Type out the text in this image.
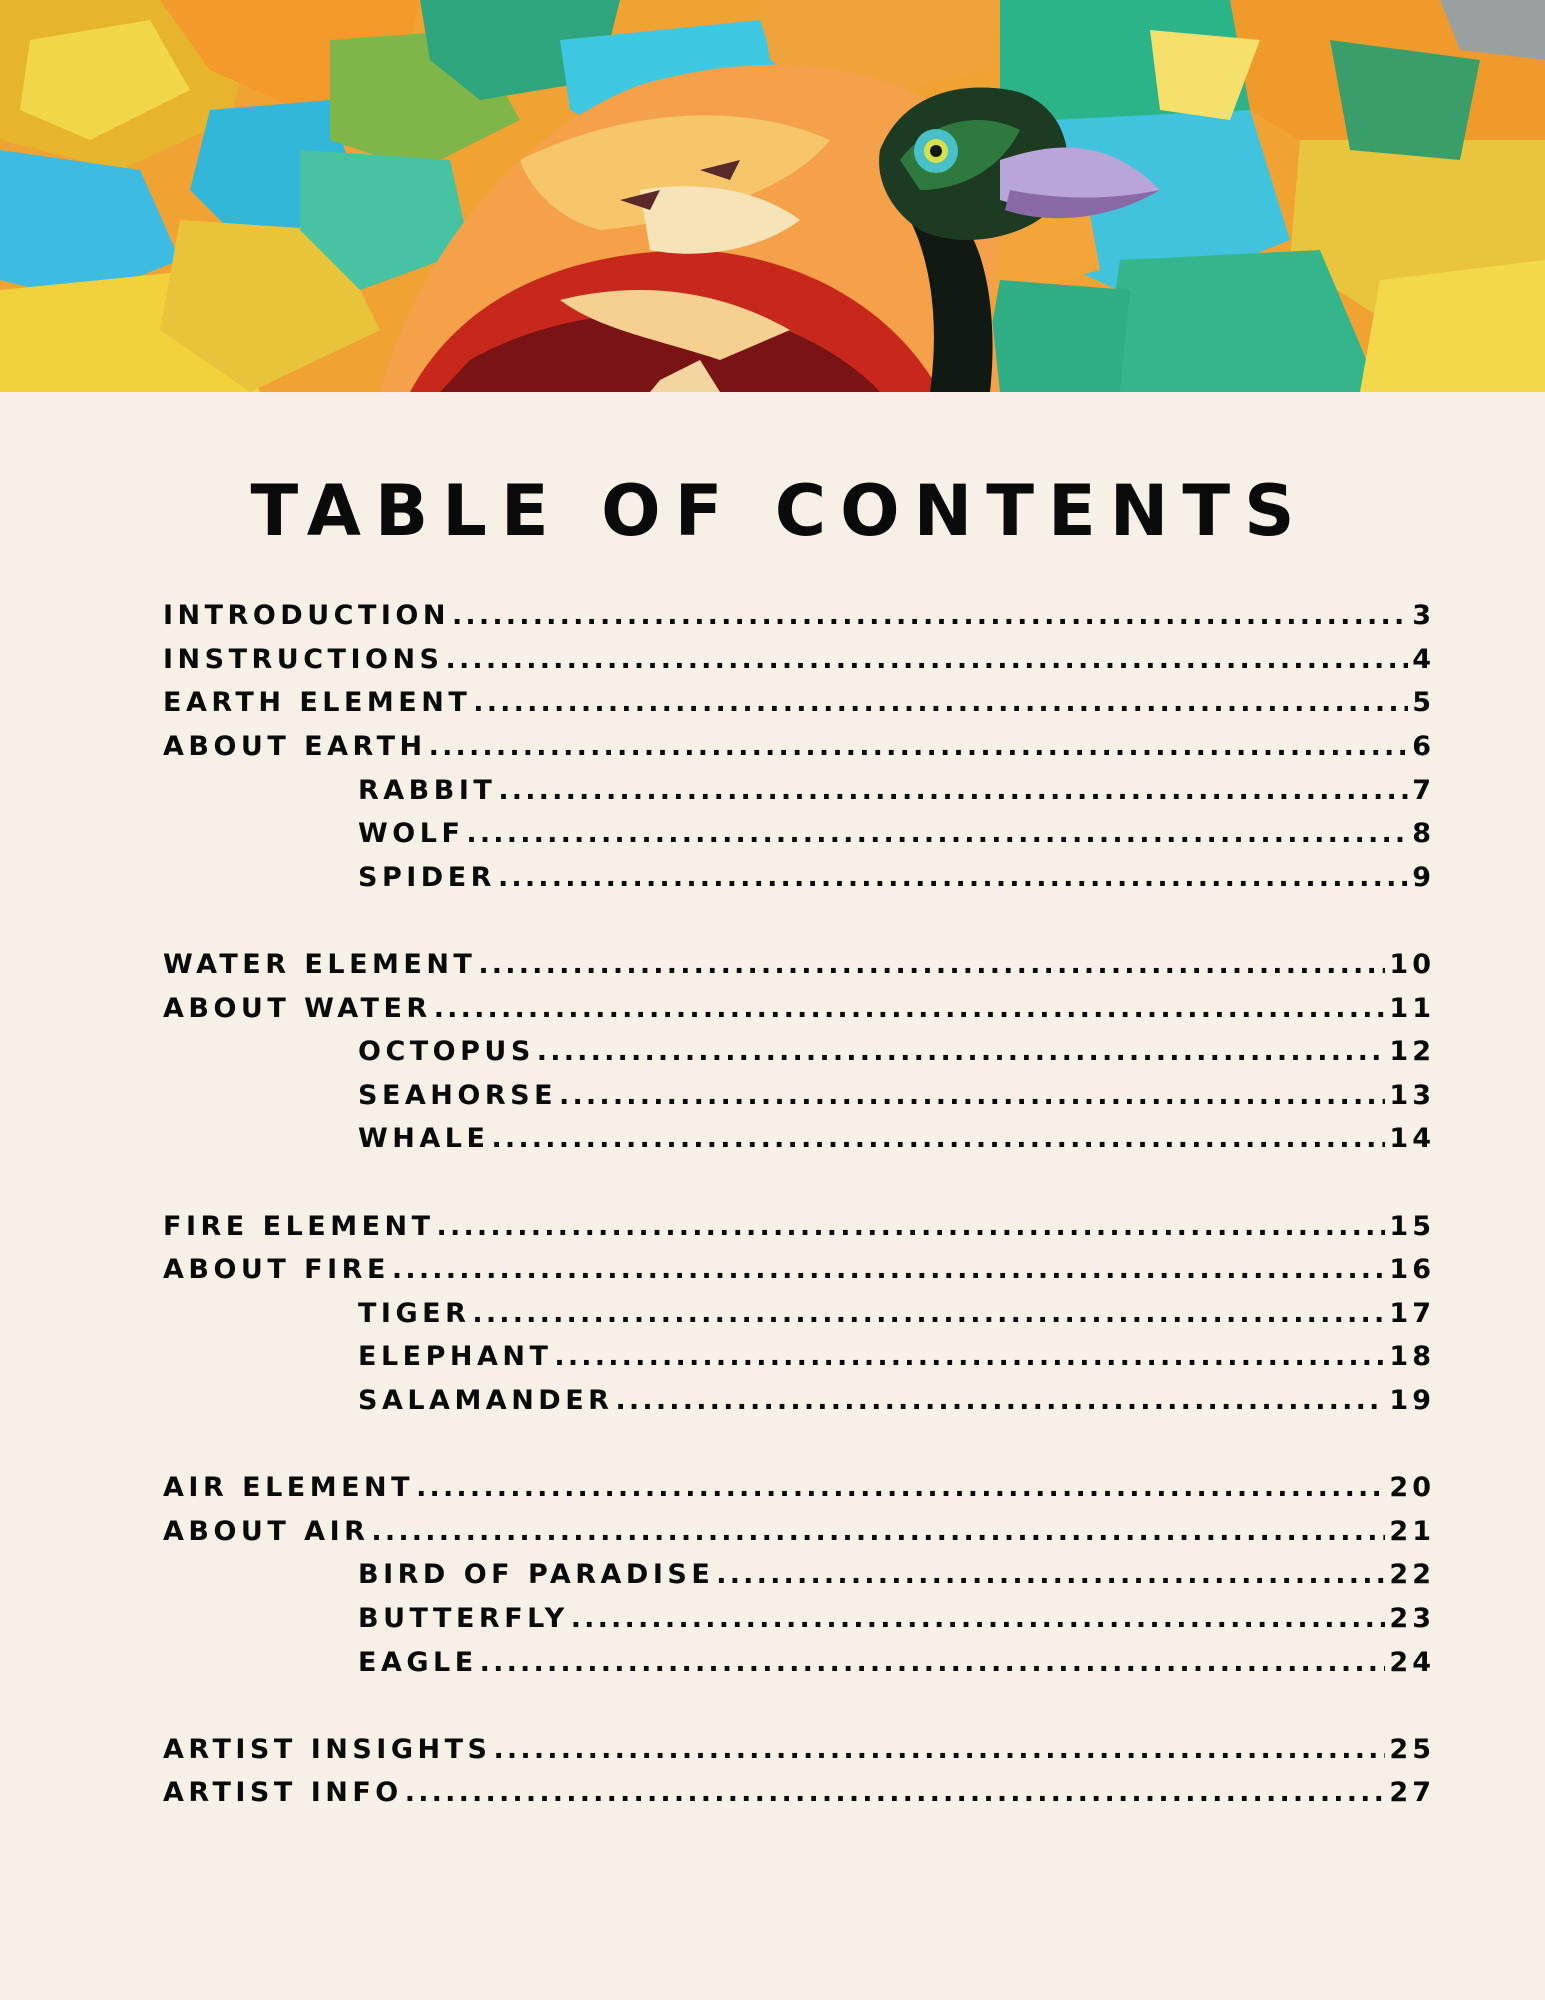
TABLE OF CONTENTS
INTRODUCTION .....	3
INSTRUCTIONS .....	4
EARTH ELEMENT .....	5
ABOUT EARTH .....	6
RABBIT .....	7
WOLF .....	8
SPIDER .....	9
WATER ELEMENT .....	10
ABOUT WATER .....	11
OCTOPUS .....	12
SEAHORSE .....	13
WHALE .....	14
FIRE ELEMENT .....	15
ABOUT FIRE .....	16
TIGER .....	17
ELEPHANT .....	18
SALAMANDER .....	19
AIR ELEMENT .....	20
ABOUT AIR .....	21
BIRD OF PARADISE .....	22
BUTTERFLY .....	23
EAGLE .....	24
ARTIST INSIGHTS .....	25
ARTIST INFO .....	27
